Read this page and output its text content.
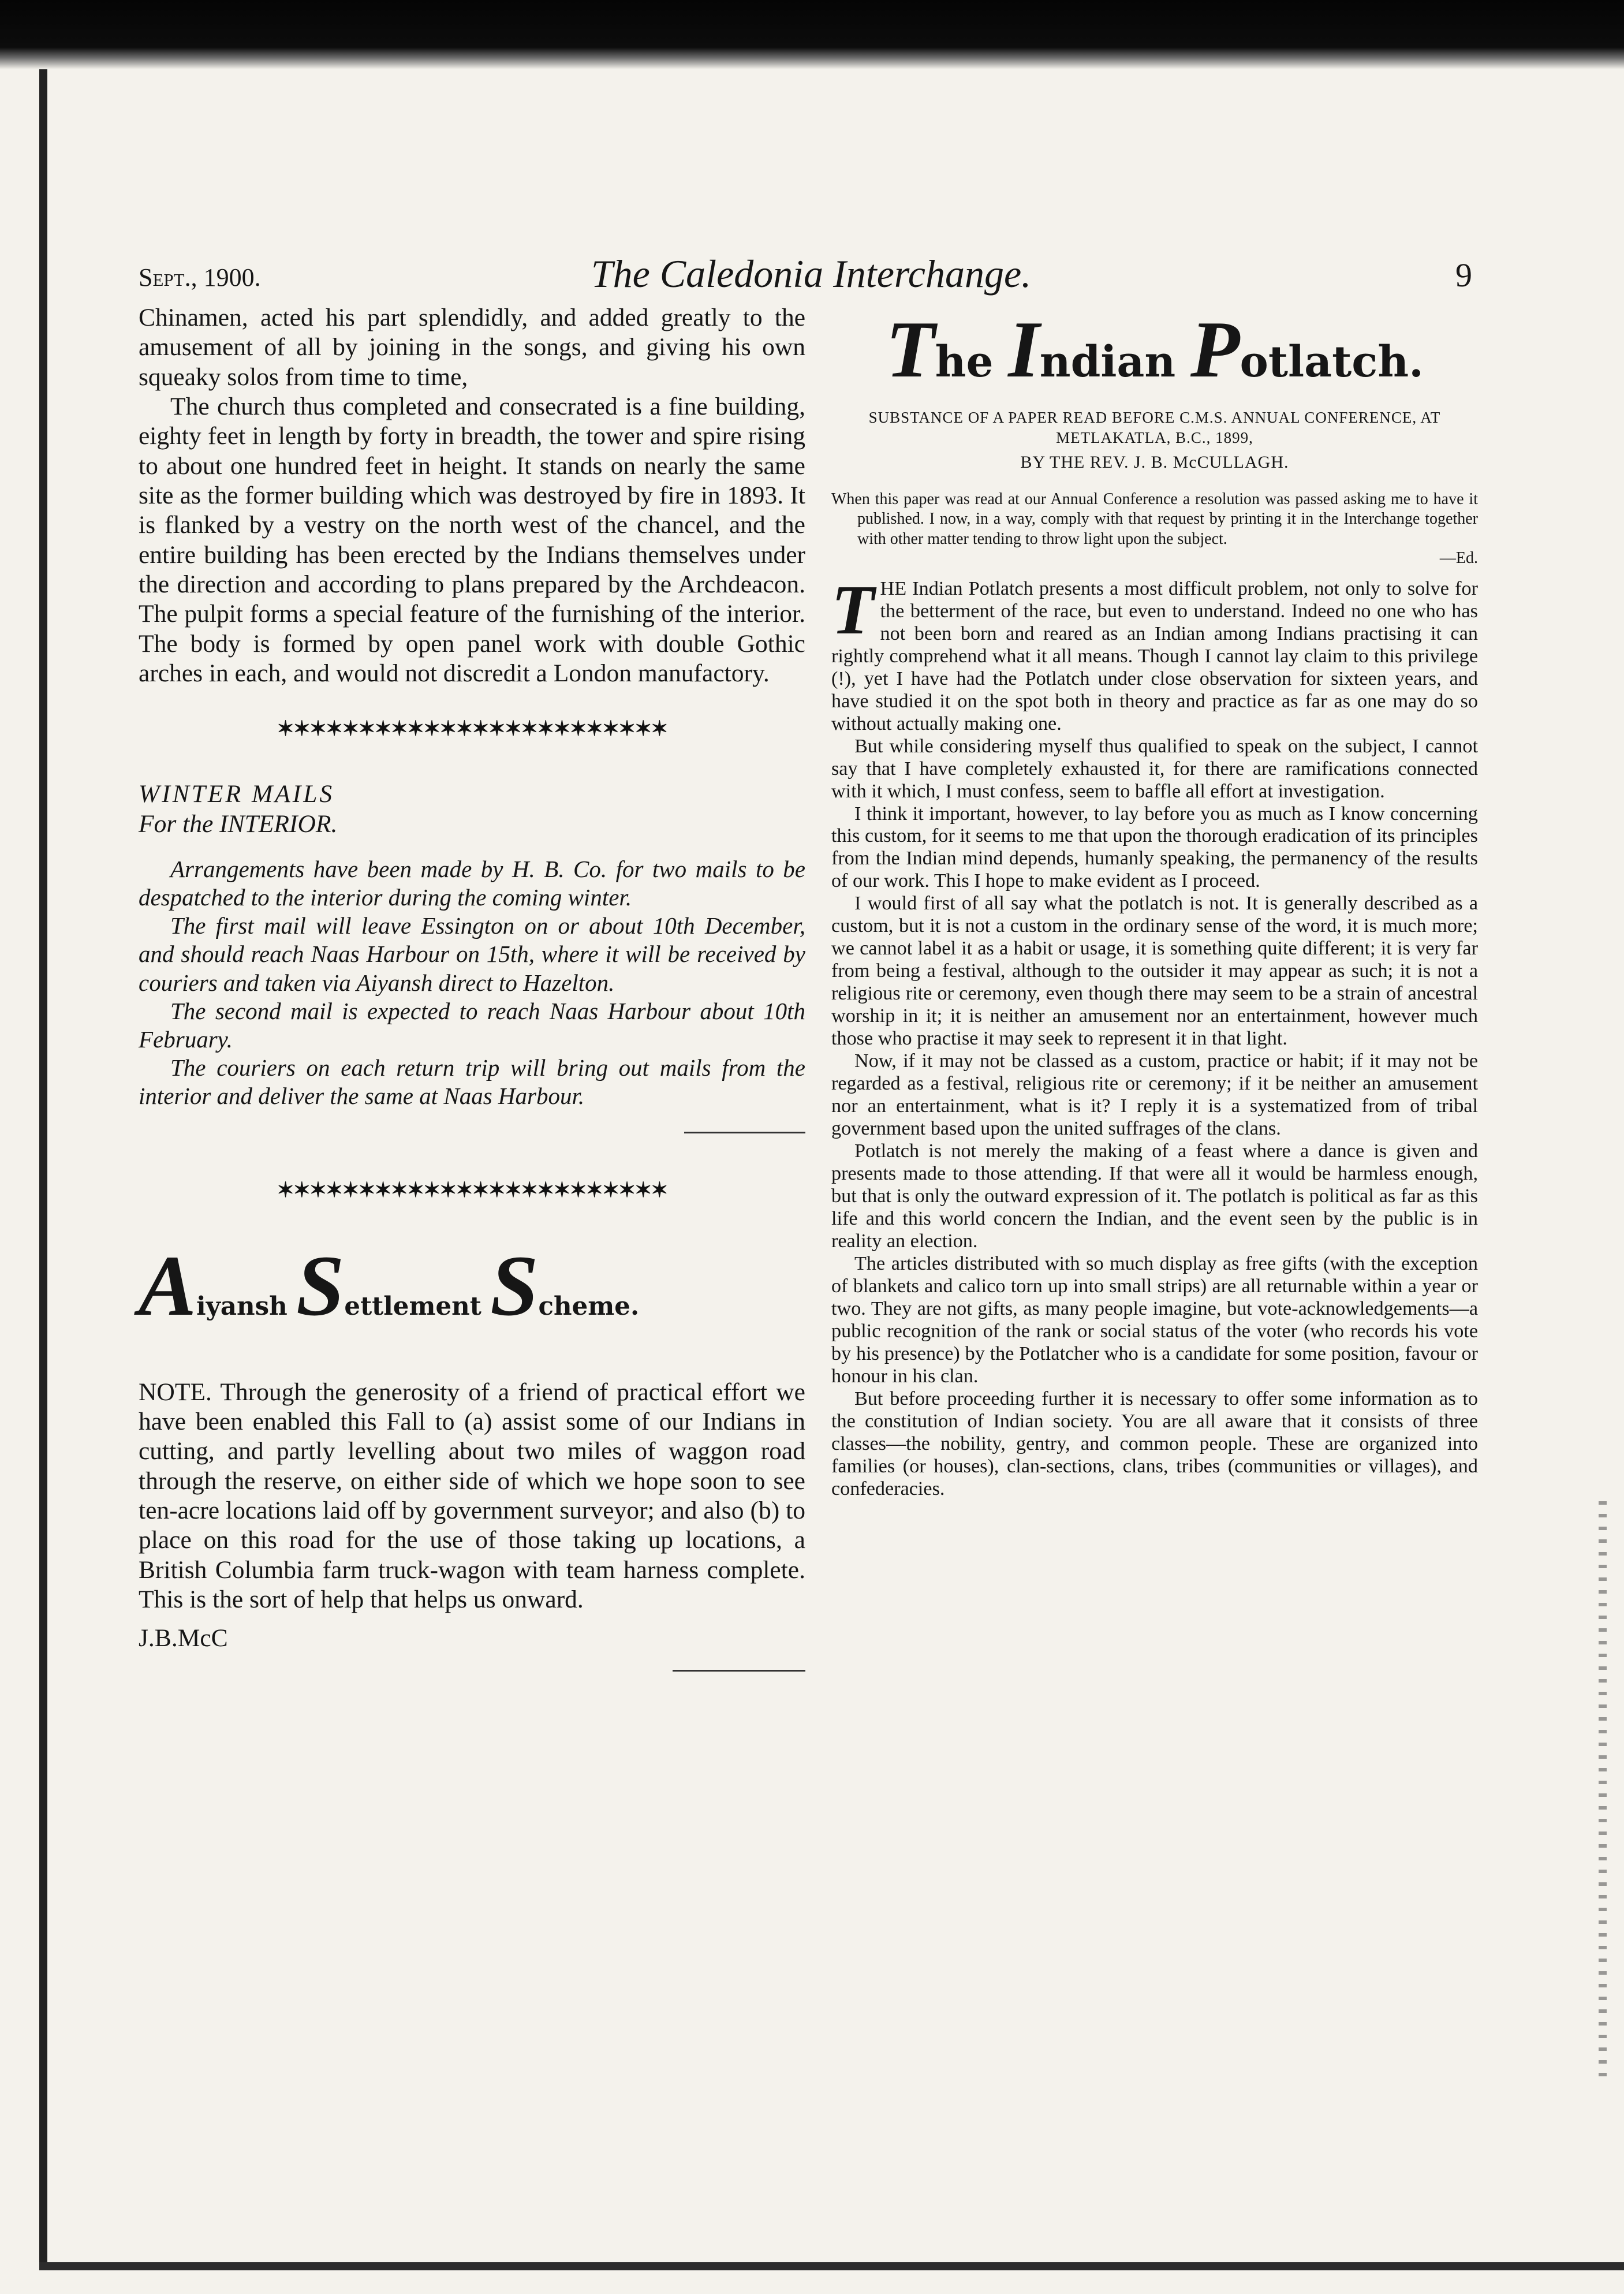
Sept., 1900.	The Caledonia Interchange.	9

Chinamen, acted his part splendidly, and added greatly to the amusement of all by joining in the songs, and giving his own squeaky solos from time to time,

The church thus completed and consecrated is a fine building, eighty feet in length by forty in breadth, the tower and spire rising to about one hundred feet in height. It stands on nearly the same site as the former building which was destroyed by fire in 1893. It is flanked by a vestry on the north west of the chancel, and the entire building has been erected by the Indians themselves under the direction and according to plans prepared by the Archdeacon. The pulpit forms a special feature of the furnishing of the interior. The body is formed by open panel work with double Gothic arches in each, and would not discredit a London manufactory.

✶✶✶✶✶✶✶✶✶✶✶✶✶✶✶✶✶✶✶✶✶✶✶✶

WINTER MAILS

For the INTERIOR.

Arrangements have been made by H. B. Co. for two mails to be despatched to the interior during the coming winter.

The first mail will leave Essington on or about 10th December, and should reach Naas Harbour on 15th, where it will be received by couriers and taken via Aiyansh direct to Hazelton.

The second mail is expected to reach Naas Harbour about 10th February.

The couriers on each return trip will bring out mails from the interior and deliver the same at Naas Harbour.

✶✶✶✶✶✶✶✶✶✶✶✶✶✶✶✶✶✶✶✶✶✶✶✶

Aiyansh Settlement Scheme.

NOTE. Through the generosity of a friend of practical effort we have been enabled this Fall to (a) assist some of our Indians in cutting, and partly levelling about two miles of waggon road through the reserve, on either side of which we hope soon to see ten-acre locations laid off by government surveyor; and also (b) to place on this road for the use of those taking up locations, a British Columbia farm truck-wagon with team harness complete. This is the sort of help that helps us onward.

J.B.McC

The Indian Potlatch.

SUBSTANCE OF A PAPER READ BEFORE C.M.S. ANNUAL CONFERENCE, AT METLAKATLA, B.C., 1899,

BY THE REV. J. B. McCULLAGH.

When this paper was read at our Annual Conference a resolution was passed asking me to have it published. I now, in a way, comply with that request by printing it in the Interchange together with other matter tending to throw light upon the subject.

—Ed.

THE Indian Potlatch presents a most difficult problem, not only to solve for the betterment of the race, but even to understand. Indeed no one who has not been born and reared as an Indian among Indians practising it can rightly comprehend what it all means. Though I cannot lay claim to this privilege (!), yet I have had the Potlatch under close observation for sixteen years, and have studied it on the spot both in theory and practice as far as one may do so without actually making one.

But while considering myself thus qualified to speak on the subject, I cannot say that I have completely exhausted it, for there are ramifications connected with it which, I must confess, seem to baffle all effort at investigation.

I think it important, however, to lay before you as much as I know concerning this custom, for it seems to me that upon the thorough eradication of its principles from the Indian mind depends, humanly speaking, the permanency of the results of our work. This I hope to make evident as I proceed.

I would first of all say what the potlatch is not. It is generally described as a custom, but it is not a custom in the ordinary sense of the word, it is much more; we cannot label it as a habit or usage, it is something quite different; it is very far from being a festival, although to the outsider it may appear as such; it is not a religious rite or ceremony, even though there may seem to be a strain of ancestral worship in it; it is neither an amusement nor an entertainment, however much those who practise it may seek to represent it in that light.

Now, if it may not be classed as a custom, practice or habit; if it may not be regarded as a festival, religious rite or ceremony; if it be neither an amusement nor an entertainment, what is it? I reply it is a systematized from of tribal government based upon the united suffrages of the clans.

Potlatch is not merely the making of a feast where a dance is given and presents made to those attending. If that were all it would be harmless enough, but that is only the outward expression of it. The potlatch is political as far as this life and this world concern the Indian, and the event seen by the public is in reality an election.

The articles distributed with so much display as free gifts (with the exception of blankets and calico torn up into small strips) are all returnable within a year or two. They are not gifts, as many people imagine, but vote-acknowledgements—a public recognition of the rank or social status of the voter (who records his vote by his presence) by the Potlatcher who is a candidate for some position, favour or honour in his clan.

But before proceeding further it is necessary to offer some information as to the constitution of Indian society. You are all aware that it consists of three classes—the nobility, gentry, and common people. These are organized into families (or houses), clan-sections, clans, tribes (communities or villages), and confederacies.
